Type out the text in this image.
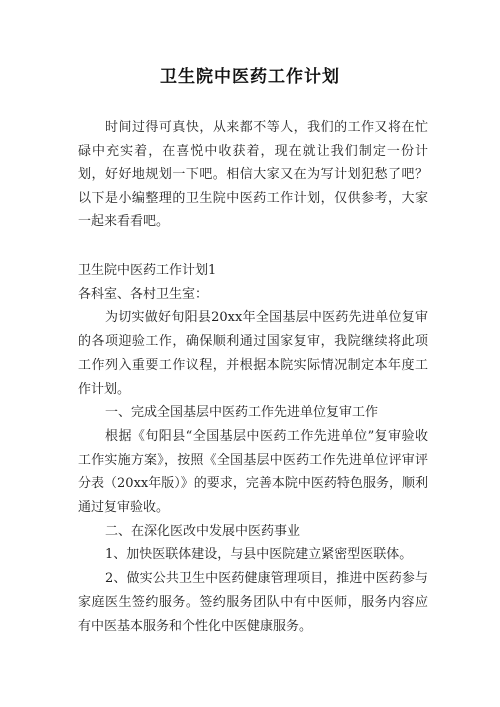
卫生院中医药工作计划

时间过得可真快，从来都不等人，我们的工作又将在忙碌中充实着，在喜悦中收获着，现在就让我们制定一份计划，好好地规划一下吧。相信大家又在为写计划犯愁了吧？以下是小编整理的卫生院中医药工作计划，仅供参考，大家一起来看看吧。

卫生院中医药工作计划1

各科室、各村卫生室：

为切实做好旬阳县20xx年全国基层中医药先进单位复审的各项迎验工作，确保顺利通过国家复审，我院继续将此项工作列入重要工作议程，并根据本院实际情况制定本年度工作计划。

一、完成全国基层中医药工作先进单位复审工作

根据《旬阳县“全国基层中医药工作先进单位”复审验收工作实施方案》，按照《全国基层中医药工作先进单位评审评分表（20xx年版）》的要求，完善本院中医药特色服务，顺利通过复审验收。

二、在深化医改中发展中医药事业

1、加快医联体建设，与县中医院建立紧密型医联体。

2、做实公共卫生中医药健康管理项目，推进中医药参与家庭医生签约服务。签约服务团队中有中医师，服务内容应有中医基本服务和个性化中医健康服务。
